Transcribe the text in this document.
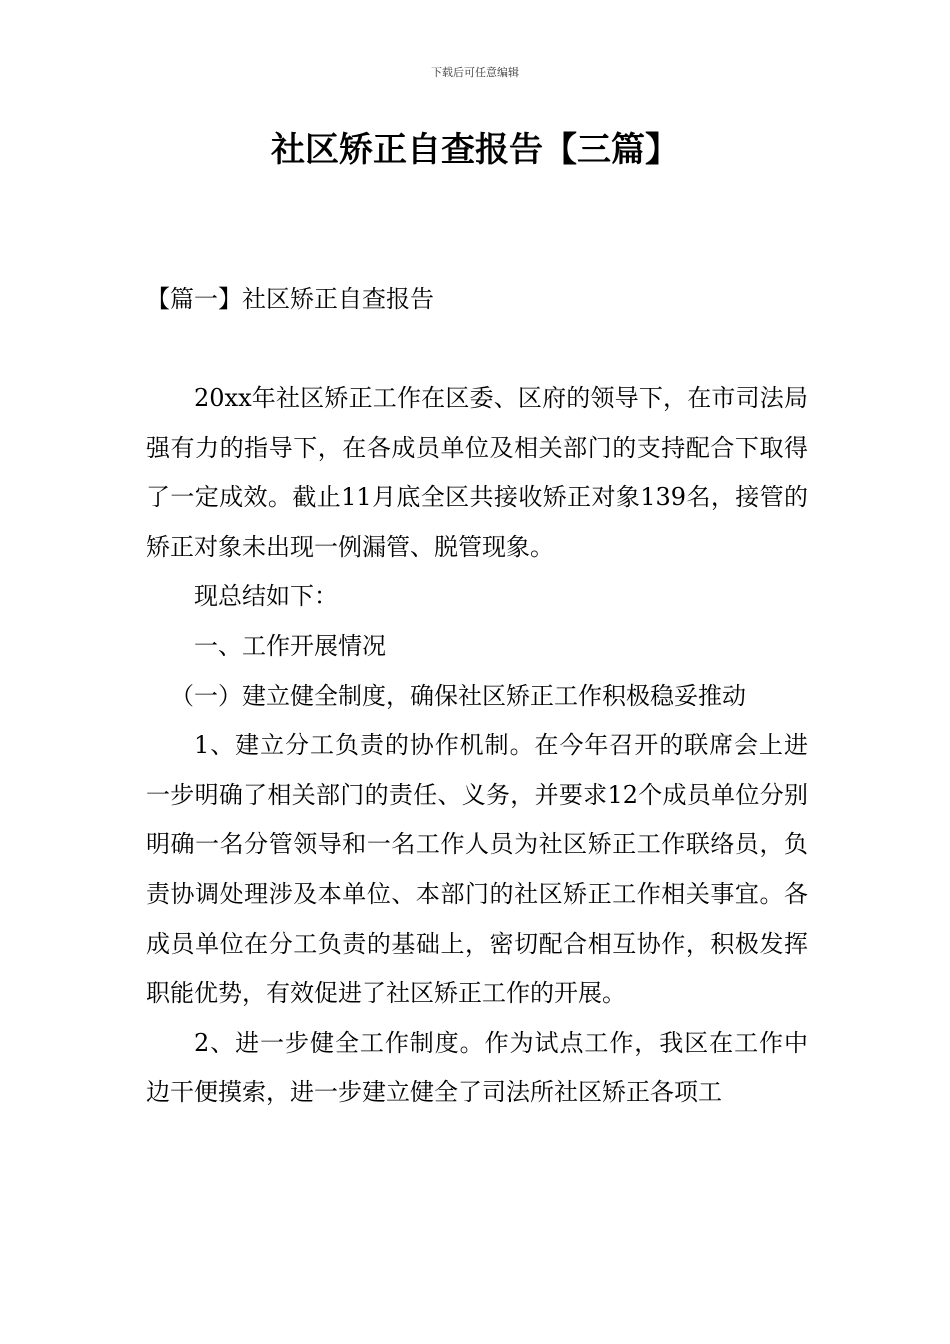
下载后可任意编辑
社区矫正自查报告【三篇】
【篇一】社区矫正自查报告

20xx年社区矫正工作在区委、区府的领导下，在市司法局强有力的指导下，在各成员单位及相关部门的支持配合下取得了一定成效。截止11月底全区共接收矫正对象139名，接管的矫正对象未出现一例漏管、脱管现象。

现总结如下：

一、工作开展情况

（一）建立健全制度，确保社区矫正工作积极稳妥推动

1、建立分工负责的协作机制。在今年召开的联席会上进一步明确了相关部门的责任、义务，并要求12个成员单位分别明确一名分管领导和一名工作人员为社区矫正工作联络员，负责协调处理涉及本单位、本部门的社区矫正工作相关事宜。各成员单位在分工负责的基础上，密切配合相互协作，积极发挥职能优势，有效促进了社区矫正工作的开展。

2、进一步健全工作制度。作为试点工作，我区在工作中边干便摸索，进一步建立健全了司法所社区矫正各项工
